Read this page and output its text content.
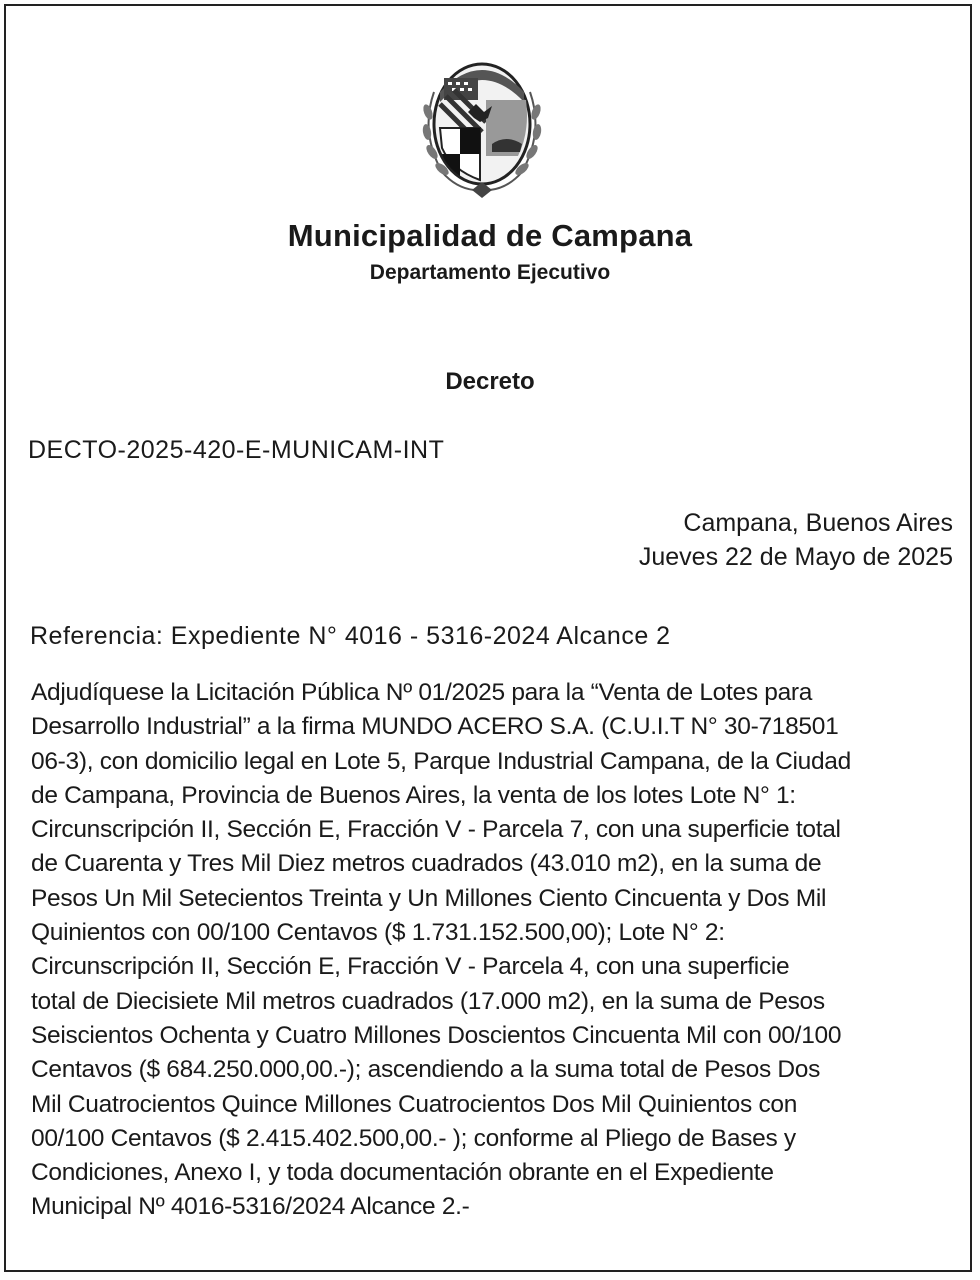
Municipalidad de Campana
Departamento Ejecutivo
Decreto
DECTO-2025-420-E-MUNICAM-INT
Campana, Buenos Aires
Jueves 22 de Mayo de 2025
Referencia: Expediente N° 4016 - 5316-2024 Alcance 2
Adjudíquese la Licitación Pública Nº 01/2025 para la “Venta de Lotes para
Desarrollo Industrial” a la firma MUNDO ACERO S.A. (C.U.I.T N° 30-718501
06-3), con domicilio legal en Lote 5, Parque Industrial Campana, de la Ciudad
de Campana, Provincia de Buenos Aires, la venta de los lotes Lote N° 1:
Circunscripción II, Sección E, Fracción V - Parcela 7, con una superficie total
de Cuarenta y Tres Mil Diez metros cuadrados (43.010 m2), en la suma de
Pesos Un Mil Setecientos Treinta y Un Millones Ciento Cincuenta y Dos Mil
Quinientos con 00/100 Centavos ($ 1.731.152.500,00); Lote N° 2:
Circunscripción II, Sección E, Fracción V - Parcela 4, con una superficie
total de Diecisiete Mil metros cuadrados (17.000 m2), en la suma de Pesos
Seiscientos Ochenta y Cuatro Millones Doscientos Cincuenta Mil con 00/100
Centavos ($ 684.250.000,00.-); ascendiendo a la suma total de Pesos Dos
Mil Cuatrocientos Quince Millones Cuatrocientos Dos Mil Quinientos con
00/100 Centavos ($ 2.415.402.500,00.- ); conforme al Pliego de Bases y
Condiciones, Anexo I, y toda documentación obrante en el Expediente
Municipal Nº 4016-5316/2024 Alcance 2.-
